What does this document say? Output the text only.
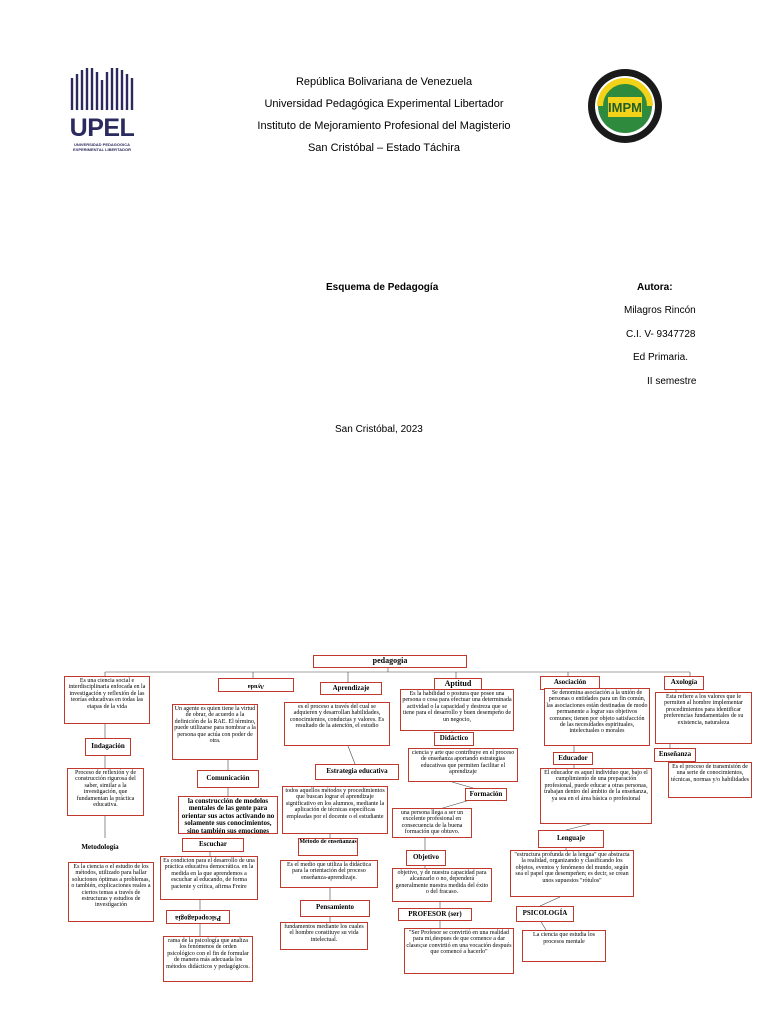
UPEL
UNIVERSIDAD PEDAGOGICA EXPERIMENTAL LIBERTADOR
IMPM
República Bolivariana de Venezuela
Universidad Pedagógica Experimental Libertador
Instituto de Mejoramiento Profesional del Magisterio
San Cristóbal – Estado Táchira
Esquema de Pedagogía	Autora:
Milagros Rincón
C.I. V- 9347728
Ed Primaria.
II semestre
San Cristóbal, 2023
pedagogia
Es una ciencia social e interdisciplinaria enfocada en la investigación y reflexión de las teorías educativas en todas las etapas de la vida
Indagación
Proceso de reflexión y de construcción rigurosa del saber, similar a la investigación, que fundamentan la práctica educativa.
Metodología
Es la ciencia o el estudio de los métodos, utilizado para hallar soluciones óptimas a problemas, o también, explicaciones reales a ciertos temas a través de estructuras y estudios de investigación
Ayuda
Un agente es quien tiene la virtud de obrar, de acuerdo a la definición de la RAE. El término, puede utilizarse para nombrar a la persona que actúa con poder de otra.
Comunicación
la construcción de modelos mentales de las gente para orientar sus actos activando no solamente sus conocimientos, sino también sus emociones
Escuchar
Es condicion para el desarrollo de una práctica educativa democrática. en la medida en la que aprendemos a escuchar al educando, de forma paciente y crítica, afirma Freire
Psicopedagogía
rama de la psicología que analiza los fenómenos de orden psicológico con el fin de formular de manera más adecuada los métodos didácticos y pedagógicos.
Aprendizaje
es el proceso a través del cual se adquieren y desarrollan habilidades, conocimientos, conductas y valores. Es resultado de la atención, el estudio
Estrategia educativa
todos aquellos métodos y procedimientos que buscan lograr el aprendizaje significativo en los alumnos, mediante la aplicación de técnicas específicas empleadas por el docente o el estudiante
Método de enseñanzas
Es el medio que utiliza la didáctica para la orientación del proceso enseñanza-aprendizaje.
Pensamiento
fundamentos mediante los cuales el hombre constituye su vida intelectual.
Aptitud
Es la habilidad o postura que posee una persona o cosa para efectuar una determinada actividad o la capacidad y destreza que se tiene para el desarrollo y buen desempeño de un negocio,
Didáctico
ciencia y arte que contribuye en el proceso de enseñanza aportando estrategias educativas que permiten facilitar el aprendizaje
Formación
una persona llega a ser un excelente profesional en consecuencia de la buena formación que obtuvo.
Objetivo
objetivo, y de nuestra capacidad para alcanzarlo o no, dependerá generalmente nuestra medida del éxito o del fracaso.
PROFESOR (ser)
"Ser Profesor se convirtió en una realidad para mi,despues de que comence a dar clases;se convirtió en una vocación después que comencé a hacerlo"
Asociación
Se denomina asociación a la unión de personas o entidades para un fin común, las asociaciones están destinadas de modo permanente a lograr sus objetivos comunes; tienen por objeto satisfacción de las necesidades espirituales, intelectuales o morales
Educador
El educador es aquel individuo que, bajo el cumplimiento de una preparación profesional, puede educar a otras personas, trabajan dentro del ámbito de la enseñanza, ya sea en el área básica o profesional
Lenguaje
"estructura profunda de la lengua" que abstracta la realidad, organizando y clasificando los objetos, eventos y fenómeno del mundo, según sea el papel que desempeñen; es decir, se crean unos supuestos "rótulos"
PSICOLOGÍA
La ciencia que estudia los procesos mentale
Axología
Esta refiere a los valores que le permiten al hombre implementar procedimientos para identificar preferencias fundamentales de su existencia, naturaleza
Enseñanza
Es el proceso de transmisión de una serie de conocimientos, técnicas, normas y/o habilidades
